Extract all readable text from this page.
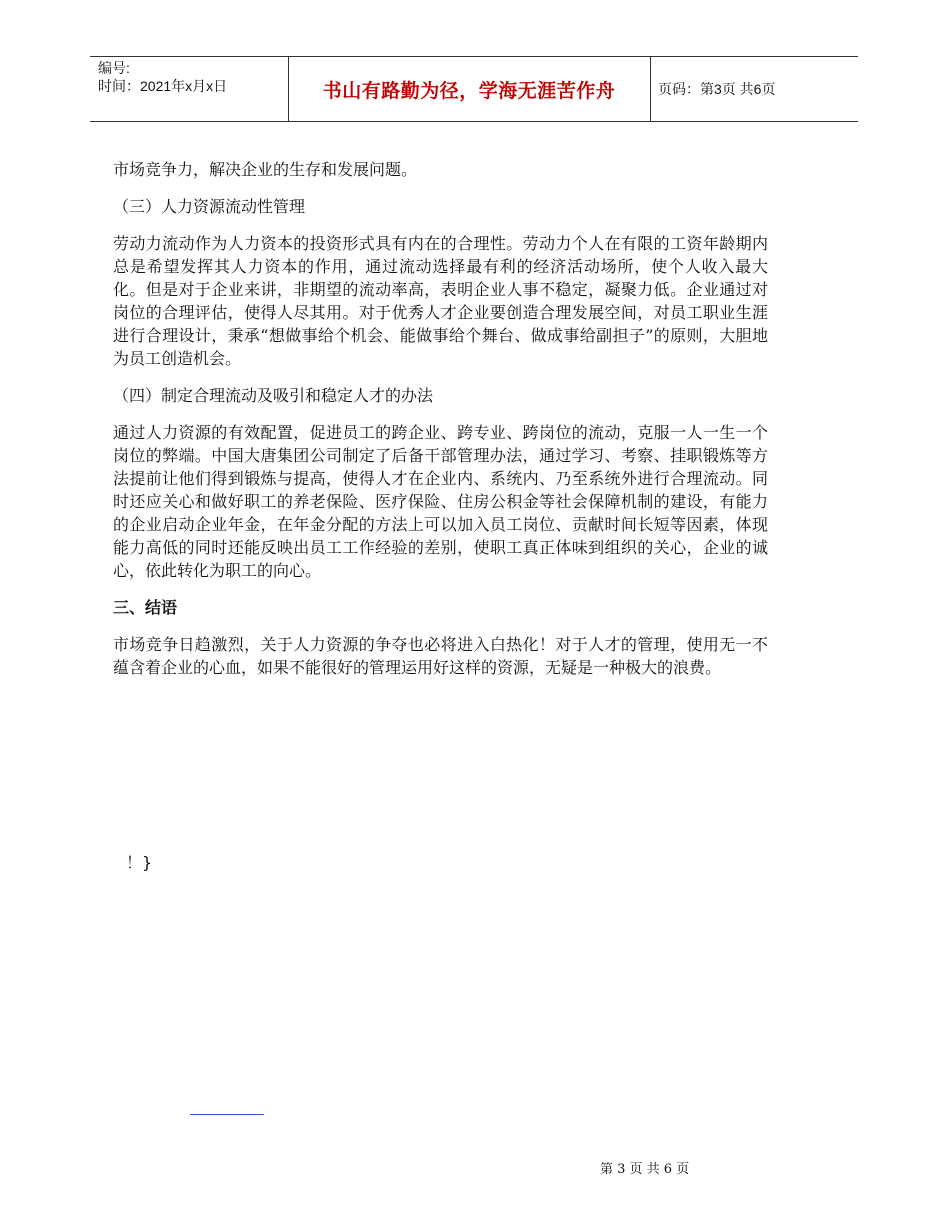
编号:
时间：2021年x月x日	书山有路勤为径，学海无涯苦作舟	页码：第3页 共6页

市场竞争力，解决企业的生存和发展问题。

（三）人力资源流动性管理

劳动力流动作为人力资本的投资形式具有内在的合理性。劳动力个人在有限的工资年龄期内总是希望发挥其人力资本的作用，通过流动选择最有利的经济活动场所，使个人收入最大化。但是对于企业来讲，非期望的流动率高，表明企业人事不稳定，凝聚力低。企业通过对岗位的合理评估，使得人尽其用。对于优秀人才企业要创造合理发展空间，对员工职业生涯进行合理设计，秉承“想做事给个机会、能做事给个舞台、做成事给副担子”的原则，大胆地为员工创造机会。

（四）制定合理流动及吸引和稳定人才的办法

通过人力资源的有效配置，促进员工的跨企业、跨专业、跨岗位的流动，克服一人一生一个岗位的弊端。中国大唐集团公司制定了后备干部管理办法，通过学习、考察、挂职锻炼等方法提前让他们得到锻炼与提高，使得人才在企业内、系统内、乃至系统外进行合理流动。同时还应关心和做好职工的养老保险、医疗保险、住房公积金等社会保障机制的建设，有能力的企业启动企业年金，在年金分配的方法上可以加入员工岗位、贡献时间长短等因素，体现能力高低的同时还能反映出员工工作经验的差别，使职工真正体味到组织的关心，企业的诚心，依此转化为职工的向心。

三、结语

市场竞争日趋激烈，关于人力资源的争夺也必将进入白热化！对于人才的管理，使用无一不蕴含着企业的心血，如果不能很好的管理运用好这样的资源，无疑是一种极大的浪费。

！}
第 3 页 共 6 页
